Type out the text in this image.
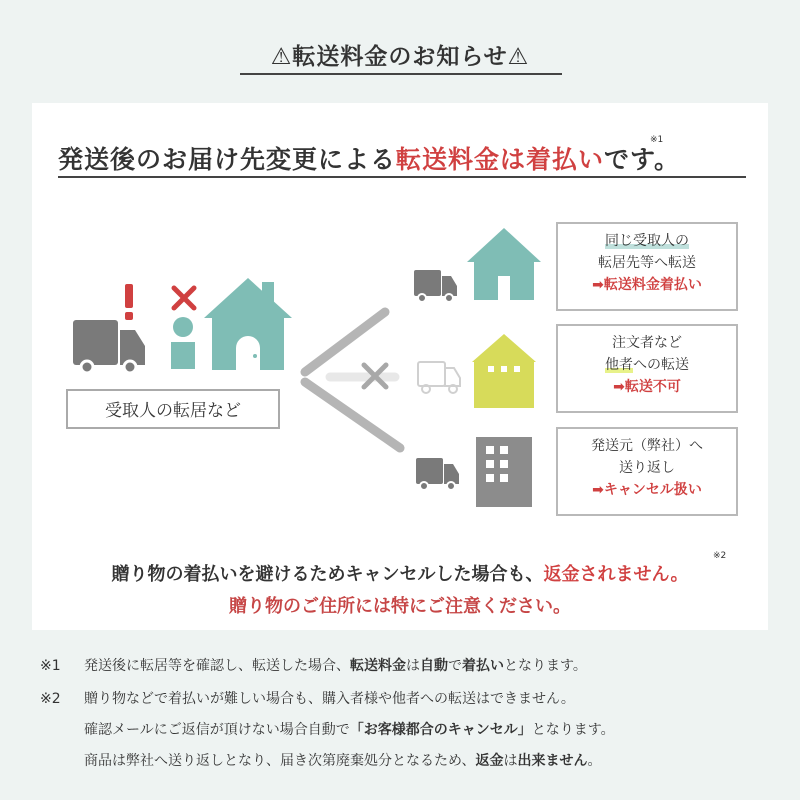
⚠転送料金のお知らせ⚠
発送後のお届け先変更による転送料金は着払いです。
※1
受取人の転居など
同じ受取人の
転居先等へ転送
➡転送料金着払い
注文者など
他者への転送
➡転送不可
発送元（弊社）へ
送り返し
➡キャンセル扱い
贈り物の着払いを避けるためキャンセルした場合も、返金されません。
※2
贈り物のご住所には特にご注意ください。
※1 発送後に転居等を確認し、転送した場合、転送料金は自動で着払いとなります。
※2 贈り物などで着払いが難しい場合も、購入者様や他者への転送はできません。
確認メールにご返信が頂けない場合自動で「お客様都合のキャンセル」となります。
商品は弊社へ送り返しとなり、届き次第廃棄処分となるため、返金は出来ません。
